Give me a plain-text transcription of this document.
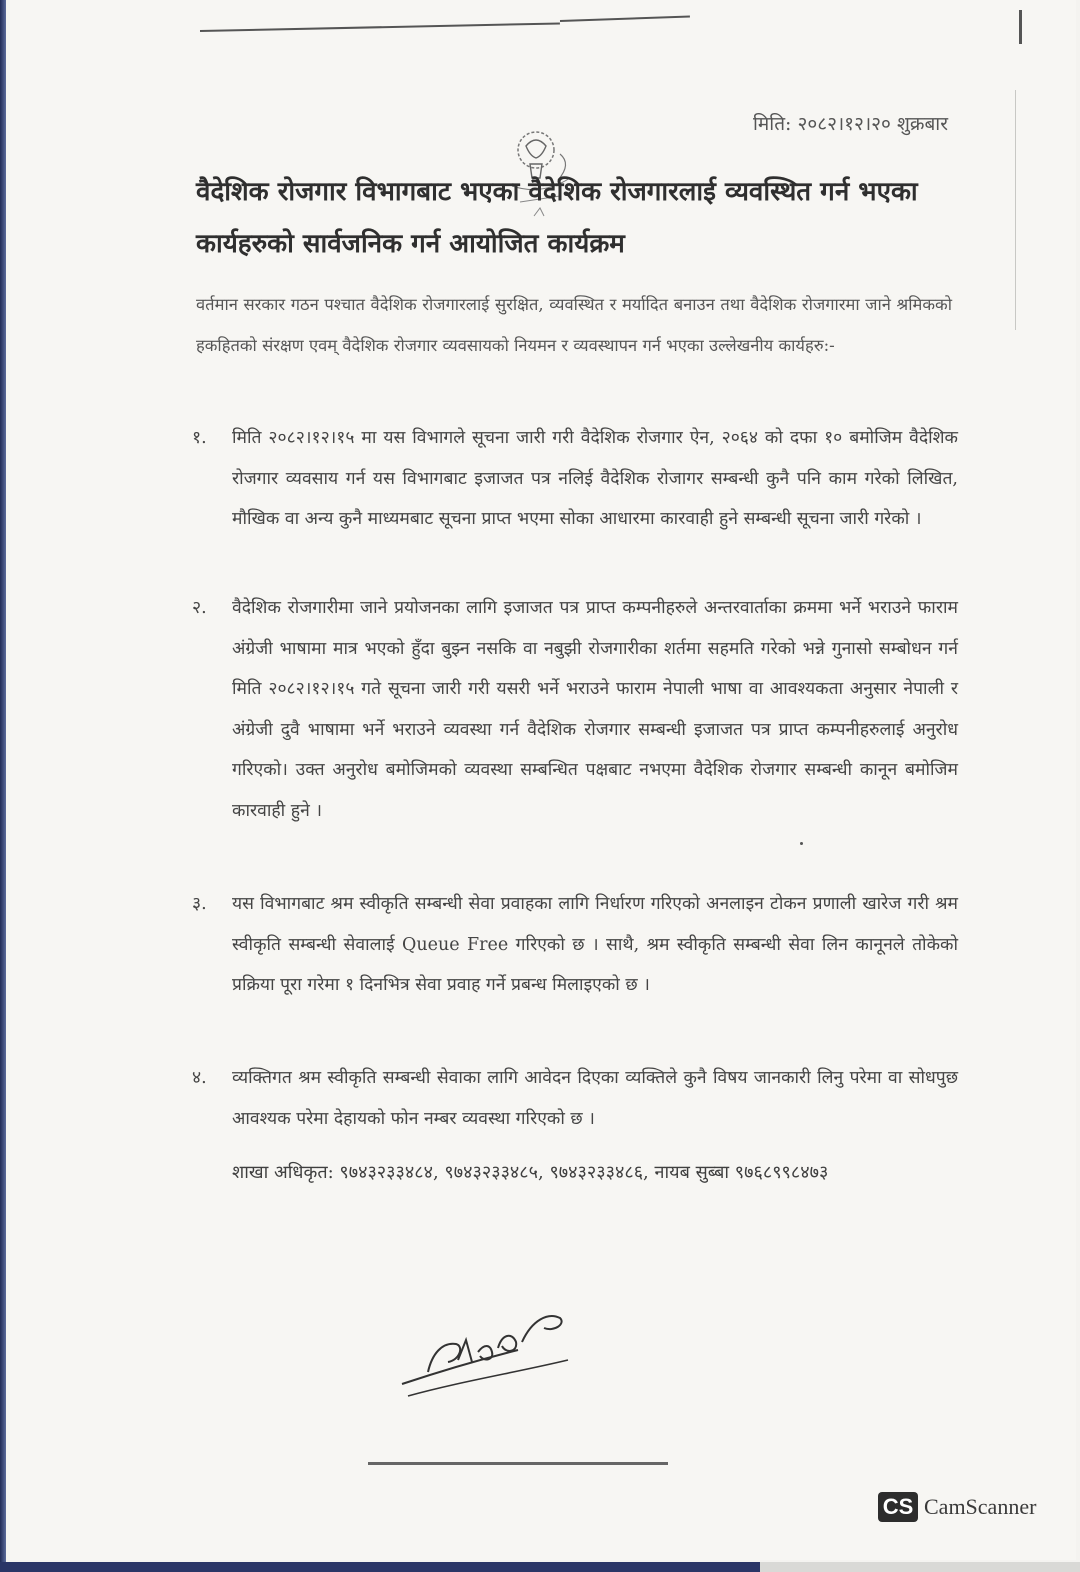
मिति: २०८२।१२।२० शुक्रबार
वैदेशिक रोजगार विभागबाट भएका वैदेशिक रोजगारलाई व्यवस्थित गर्न भएका कार्यहरुको सार्वजनिक गर्न आयोजित कार्यक्रम
वर्तमान सरकार गठन पश्चात वैदेशिक रोजगारलाई सुरक्षित, व्यवस्थित र मर्यादित बनाउन तथा वैदेशिक रोजगारमा जाने श्रमिकको हकहितको संरक्षण एवम् वैदेशिक रोजगार व्यवसायको नियमन र व्यवस्थापन गर्न भएका उल्लेखनीय कार्यहरु:-
१.	मिति २०८२।१२।१५ मा यस विभागले सूचना जारी गरी वैदेशिक रोजगार ऐन, २०६४ को दफा १० बमोजिम वैदेशिक रोजगार व्यवसाय गर्न यस विभागबाट इजाजत पत्र नलिई वैदेशिक रोजागर सम्बन्धी कुनै पनि काम गरेको लिखित, मौखिक वा अन्य कुनै माध्यमबाट सूचना प्राप्त भएमा सोका आधारमा कारवाही हुने सम्बन्धी सूचना जारी गरेको ।
२.	वैदेशिक रोजगारीमा जाने प्रयोजनका लागि इजाजत पत्र प्राप्त कम्पनीहरुले अन्तरवार्ताका क्रममा भर्ने भराउने फाराम अंग्रेजी भाषामा मात्र भएको हुँदा बुझ्न नसकि वा नबुझी रोजगारीका शर्तमा सहमति गरेको भन्ने गुनासो सम्बोधन गर्न मिति २०८२।१२।१५ गते सूचना जारी गरी यसरी भर्ने भराउने फाराम नेपाली भाषा वा आवश्यकता अनुसार नेपाली र अंग्रेजी दुवै भाषामा भर्ने भराउने व्यवस्था गर्न वैदेशिक रोजगार सम्बन्धी इजाजत पत्र प्राप्त कम्पनीहरुलाई अनुरोध गरिएको। उक्त अनुरोध बमोजिमको व्यवस्था सम्बन्धित पक्षबाट नभएमा वैदेशिक रोजगार सम्बन्धी कानून बमोजिम कारवाही हुने ।
३.	यस विभागबाट श्रम स्वीकृति सम्बन्धी सेवा प्रवाहका लागि निर्धारण गरिएको अनलाइन टोकन प्रणाली खारेज गरी श्रम स्वीकृति सम्बन्धी सेवालाई Queue Free गरिएको छ । साथै, श्रम स्वीकृति सम्बन्धी सेवा लिन कानूनले तोकेको प्रक्रिया पूरा गरेमा १ दिनभित्र सेवा प्रवाह गर्ने प्रबन्ध मिलाइएको छ ।
४.	व्यक्तिगत श्रम स्वीकृति सम्बन्धी सेवाका लागि आवेदन दिएका व्यक्तिले कुनै विषय जानकारी लिनु परेमा वा सोधपुछ आवश्यक परेमा देहायको फोन नम्बर व्यवस्था गरिएको छ ।
शाखा अधिकृत: ९७४३२३३४८४, ९७४३२३३४८५, ९७४३२३३४८६, नायब सुब्बा ९७६८९९८४७३
CS CamScanner
